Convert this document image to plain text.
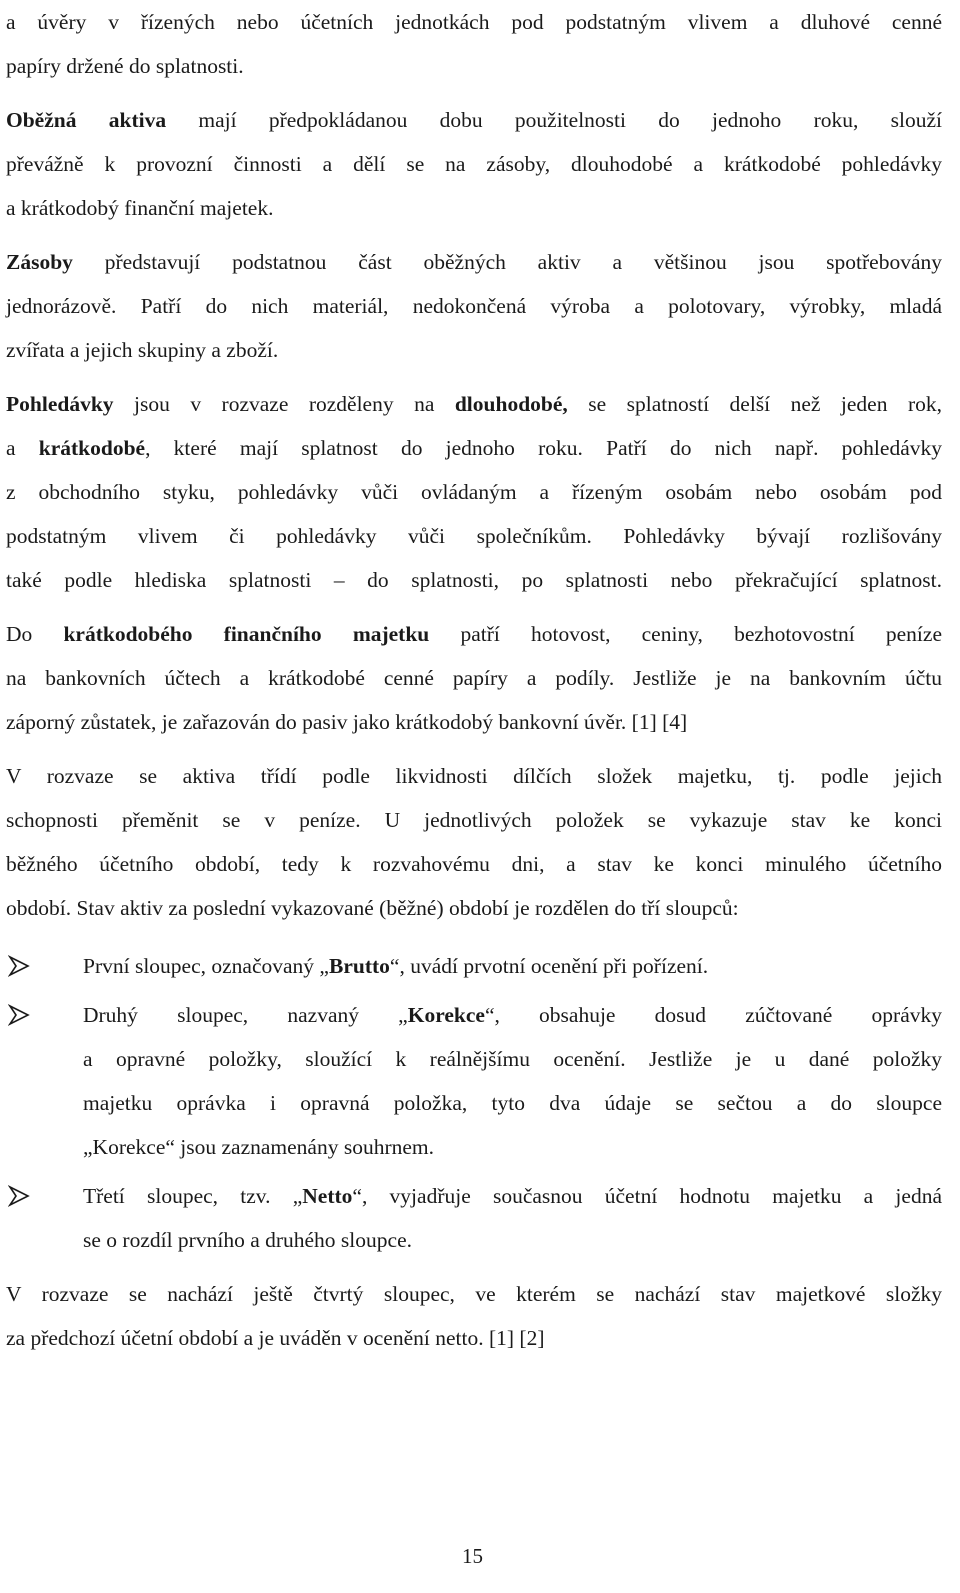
a úvěry v řízených nebo účetních jednotkách pod podstatným vlivem a dluhové cenné
papíry držené do splatnosti.

Oběžná aktiva mají předpokládanou dobu použitelnosti do jednoho roku, slouží
převážně k provozní činnosti a dělí se na zásoby, dlouhodobé a krátkodobé pohledávky
a krátkodobý finanční majetek.

Zásoby představují podstatnou část oběžných aktiv a většinou jsou spotřebovány
jednorázově. Patří do nich materiál, nedokončená výroba a polotovary, výrobky, mladá
zvířata a jejich skupiny a zboží.

Pohledávky jsou v rozvaze rozděleny na dlouhodobé, se splatností delší než jeden rok,
a krátkodobé, které mají splatnost do jednoho roku. Patří do nich např. pohledávky
z obchodního styku, pohledávky vůči ovládaným a řízeným osobám nebo osobám pod
podstatným vlivem či pohledávky vůči společníkům. Pohledávky bývají rozlišovány
také podle hlediska splatnosti – do splatnosti, po splatnosti nebo překračující splatnost.

Do krátkodobého finančního majetku patří hotovost, ceniny, bezhotovostní peníze
na bankovních účtech a krátkodobé cenné papíry a podíly. Jestliže je na bankovním účtu
záporný zůstatek, je zařazován do pasiv jako krátkodobý bankovní úvěr. [1] [4]

V rozvaze se aktiva třídí podle likvidnosti dílčích složek majetku, tj. podle jejich
schopnosti přeměnit se v peníze. U jednotlivých položek se vykazuje stav ke konci
běžného účetního období, tedy k rozvahovému dni, a stav ke konci minulého účetního
období. Stav aktiv za poslední vykazované (běžné) období je rozdělen do tří sloupců:

První sloupec, označovaný „Brutto“, uvádí prvotní ocenění při pořízení.
Druhý sloupec, nazvaný „Korekce“, obsahuje dosud zúčtované oprávky
a opravné položky, sloužící k reálnějšímu ocenění. Jestliže je u dané položky
majetku oprávka i opravná položka, tyto dva údaje se sečtou a do sloupce
„Korekce“ jsou zaznamenány souhrnem.
Třetí sloupec, tzv. „Netto“, vyjadřuje současnou účetní hodnotu majetku a jedná
se o rozdíl prvního a druhého sloupce.

V rozvaze se nachází ještě čtvrtý sloupec, ve kterém se nachází stav majetkové složky
za předchozí účetní období a je uváděn v ocenění netto. [1] [2]

15
